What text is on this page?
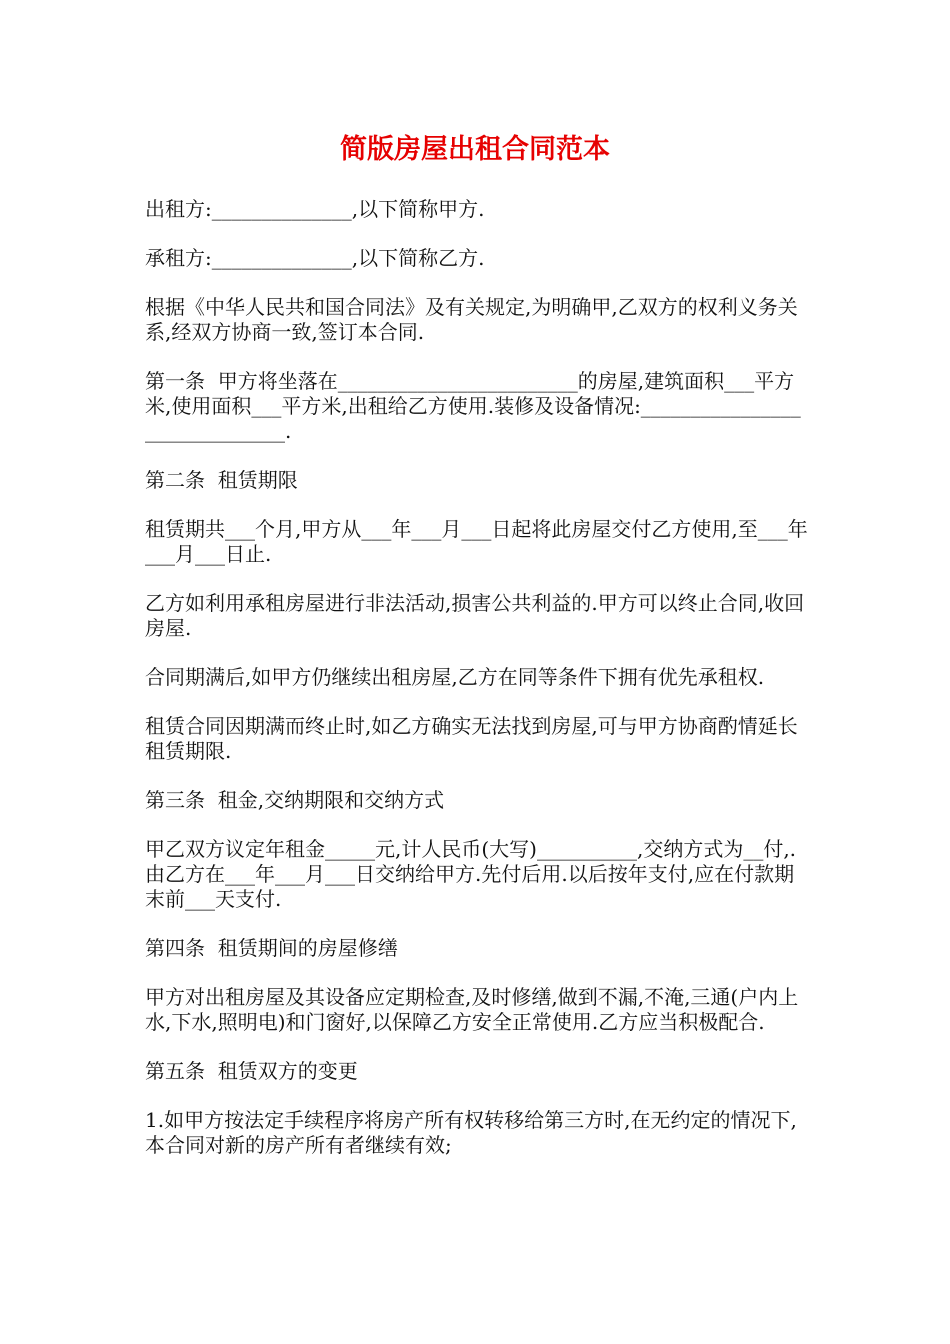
简版房屋出租合同范本

出租方:______________,以下简称甲方.

承租方:______________,以下简称乙方.

根据《中华人民共和国合同法》及有关规定,为明确甲,乙双方的权利义务关系,经双方协商一致,签订本合同.

第一条  甲方将坐落在________________________的房屋,建筑面积___平方米,使用面积___平方米,出租给乙方使用.装修及设备情况:______________________________.

第二条  租赁期限

租赁期共___个月,甲方从___年___月___日起将此房屋交付乙方使用,至___年___月___日止.

乙方如利用承租房屋进行非法活动,损害公共利益的.甲方可以终止合同,收回房屋.

合同期满后,如甲方仍继续出租房屋,乙方在同等条件下拥有优先承租权.

租赁合同因期满而终止时,如乙方确实无法找到房屋,可与甲方协商酌情延长租赁期限.

第三条  租金,交纳期限和交纳方式

甲乙双方议定年租金_____元,计人民币(大写)__________,交纳方式为__付,.由乙方在___年___月___日交纳给甲方.先付后用.以后按年支付,应在付款期末前___天支付.

第四条  租赁期间的房屋修缮

甲方对出租房屋及其设备应定期检查,及时修缮,做到不漏,不淹,三通(户内上水,下水,照明电)和门窗好,以保障乙方安全正常使用.乙方应当积极配合.

第五条  租赁双方的变更

1.如甲方按法定手续程序将房产所有权转移给第三方时,在无约定的情况下,本合同对新的房产所有者继续有效;
